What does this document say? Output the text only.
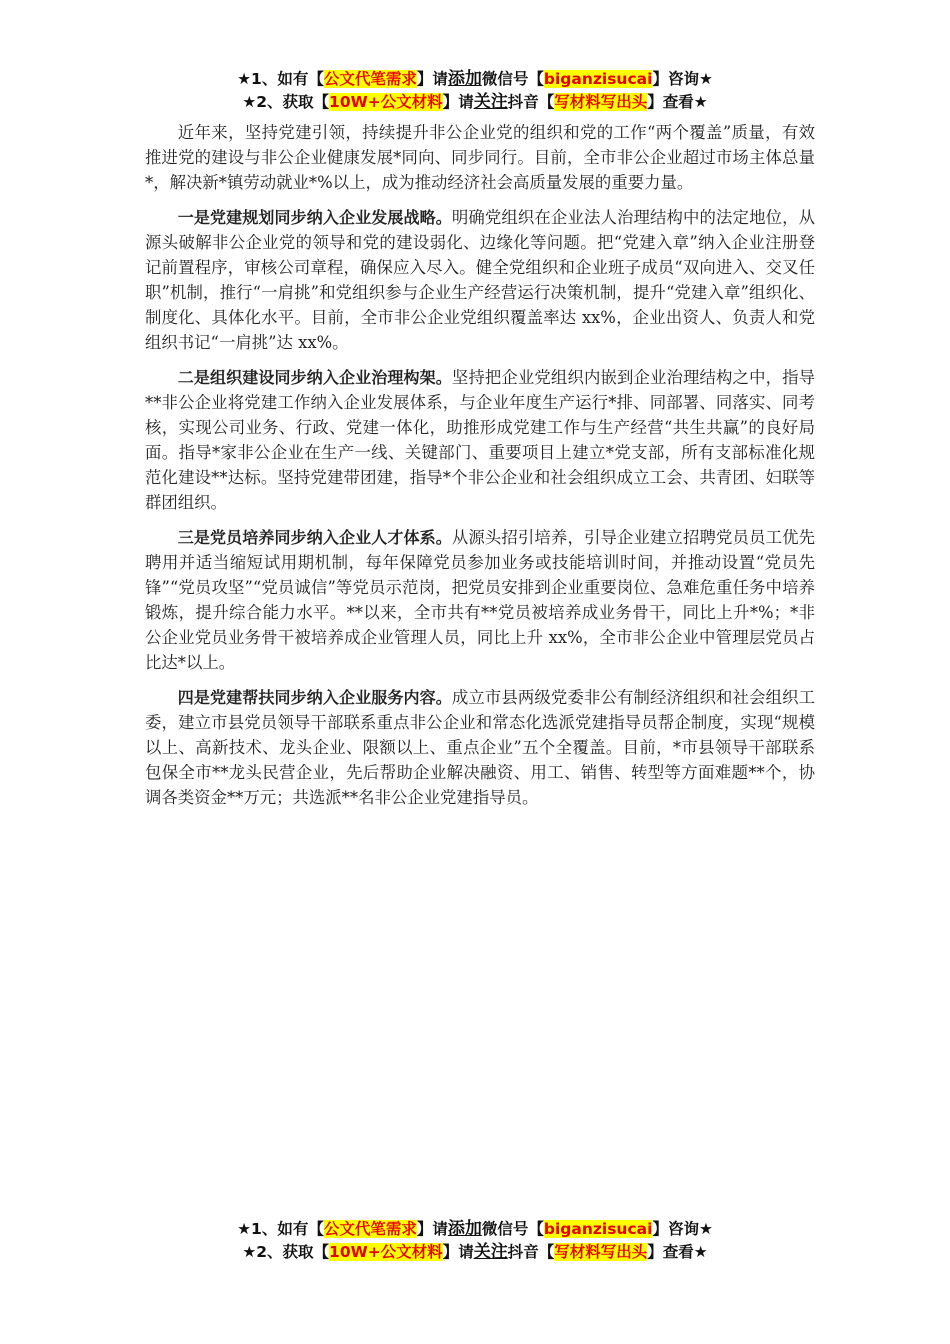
★1、如有【公文代笔需求】请添加微信号【biganzisucai】咨询★
★2、获取【10W+公文材料】请关注抖音【写材料写出头】查看★

近年来，坚持党建引领，持续提升非公企业党的组织和党的工作“两个覆盖”质量，有效推进党的建设与非公企业健康发展*同向、同步同行。目前，全市非公企业超过市场主体总量*，解决新*镇劳动就业*%以上，成为推动经济社会高质量发展的重要力量。

一是党建规划同步纳入企业发展战略。明确党组织在企业法人治理结构中的法定地位，从源头破解非公企业党的领导和党的建设弱化、边缘化等问题。把“党建入章”纳入企业注册登记前置程序，审核公司章程，确保应入尽入。健全党组织和企业班子成员“双向进入、交叉任职”机制，推行“一肩挑”和党组织参与企业生产经营运行决策机制，提升“党建入章”组织化、制度化、具体化水平。目前，全市非公企业党组织覆盖率达 xx%，企业出资人、负责人和党组织书记“一肩挑”达 xx%。

二是组织建设同步纳入企业治理构架。坚持把企业党组织内嵌到企业治理结构之中，指导**非公企业将党建工作纳入企业发展体系，与企业年度生产运行*排、同部署、同落实、同考核，实现公司业务、行政、党建一体化，助推形成党建工作与生产经营“共生共赢”的良好局面。指导*家非公企业在生产一线、关键部门、重要项目上建立*党支部，所有支部标准化规范化建设**达标。坚持党建带团建，指导*个非公企业和社会组织成立工会、共青团、妇联等群团组织。

三是党员培养同步纳入企业人才体系。从源头招引培养，引导企业建立招聘党员员工优先聘用并适当缩短试用期机制，每年保障党员参加业务或技能培训时间，并推动设置“党员先锋”“党员攻坚”“党员诚信”等党员示范岗，把党员安排到企业重要岗位、急难危重任务中培养锻炼，提升综合能力水平。**以来，全市共有**党员被培养成业务骨干，同比上升*%；*非公企业党员业务骨干被培养成企业管理人员，同比上升 xx%，全市非公企业中管理层党员占比达*以上。

四是党建帮扶同步纳入企业服务内容。成立市县两级党委非公有制经济组织和社会组织工委，建立市县党员领导干部联系重点非公企业和常态化选派党建指导员帮企制度，实现“规模以上、高新技术、龙头企业、限额以上、重点企业”五个全覆盖。目前，*市县领导干部联系包保全市**龙头民营企业，先后帮助企业解决融资、用工、销售、转型等方面难题**个，协调各类资金**万元；共选派**名非公企业党建指导员。

★1、如有【公文代笔需求】请添加微信号【biganzisucai】咨询★
★2、获取【10W+公文材料】请关注抖音【写材料写出头】查看★
